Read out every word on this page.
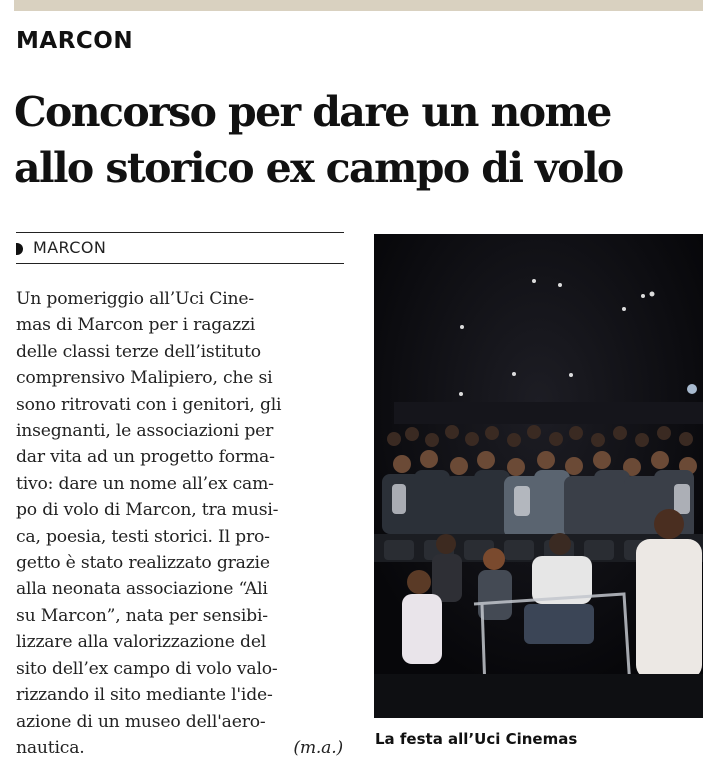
MARCON
Concorso per dare un nome
allo storico ex campo di volo
MARCON
Un pomeriggio all’Uci Cine-
mas di Marcon per i ragazzi
delle classi terze dell’istituto
comprensivo Malipiero, che si
sono ritrovati con i genitori, gli
insegnanti, le associazioni per
dar vita ad un progetto forma-
tivo: dare un nome all’ex cam-
po di volo di Marcon, tra musi-
ca, poesia, testi storici. Il pro-
getto è stato realizzato grazie
alla neonata associazione “Ali
su Marcon”, nata per sensibi-
lizzare alla valorizzazione del
sito dell’ex campo di volo valo-
rizzando il sito mediante l'ide-
azione di un museo dell'aero-
nautica.	(m.a.) La festa all’Uci Cinemas
